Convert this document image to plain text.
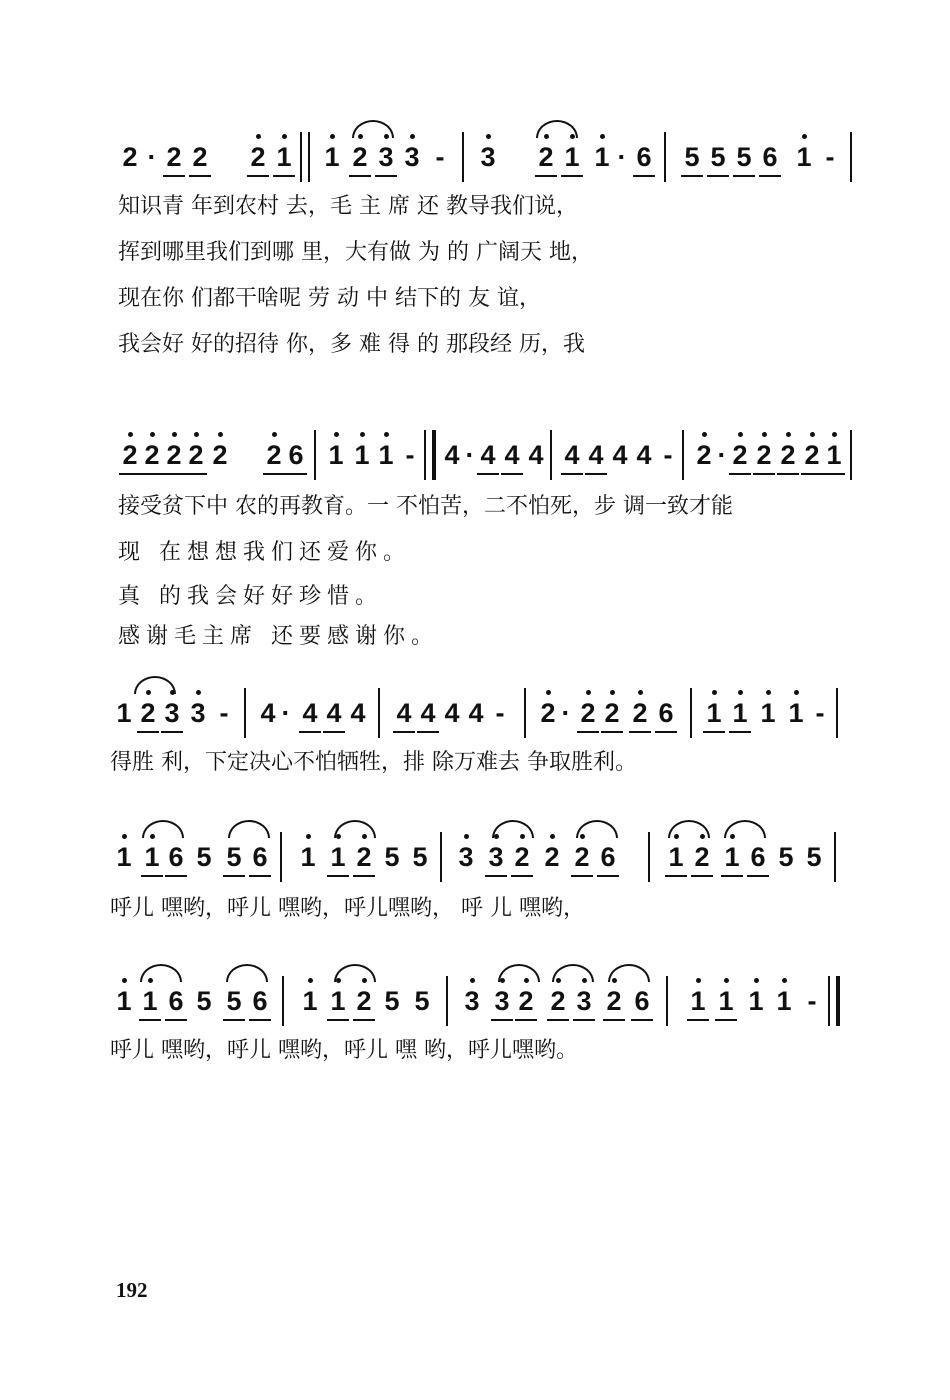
2 · 2 2 2 1 1 2 3 3 - 3 2 1 1 · 6 5 5 5 6 1 -
知识青 年到农村 去，毛 主 席 还 教导我们说，
挥到哪里我们到哪 里，大有做 为 的 广阔天 地，
现在你 们都干啥呢 劳 动 中 结下的 友 谊，
我会好 好的招待 你，多 难 得 的 那段经 历，我
2 2 2 2 2 2 6 1 1 1 - 4 · 4 4 4 4 4 4 4 - 2 · 2 2 2 2 1
接受贫下中 农的再教育。一 不怕苦，二不怕死，步 调一致才能
现 在想想我们还爱你。
真 的我会好好珍惜。
感谢毛主席 还要感谢你。
1 2 3 3 - 4 · 4 4 4 4 4 4 4 - 2 · 2 2 2 6 1 1 1 1 -
得胜 利，下定决心不怕牺牲，排 除万难去 争取胜利。
1 1 6 5 5 6 1 1 2 5 5 3 3 2 2 2 6 1 2 1 6 5 5
呼儿 嘿哟，呼儿 嘿哟，呼儿嘿哟， 呼 儿 嘿哟，
1 1 6 5 5 6 1 1 2 5 5 3 3 2 2 3 2 6 1 1 1 1 -
呼儿 嘿哟，呼儿 嘿哟，呼儿 嘿 哟，呼儿嘿哟。
192
